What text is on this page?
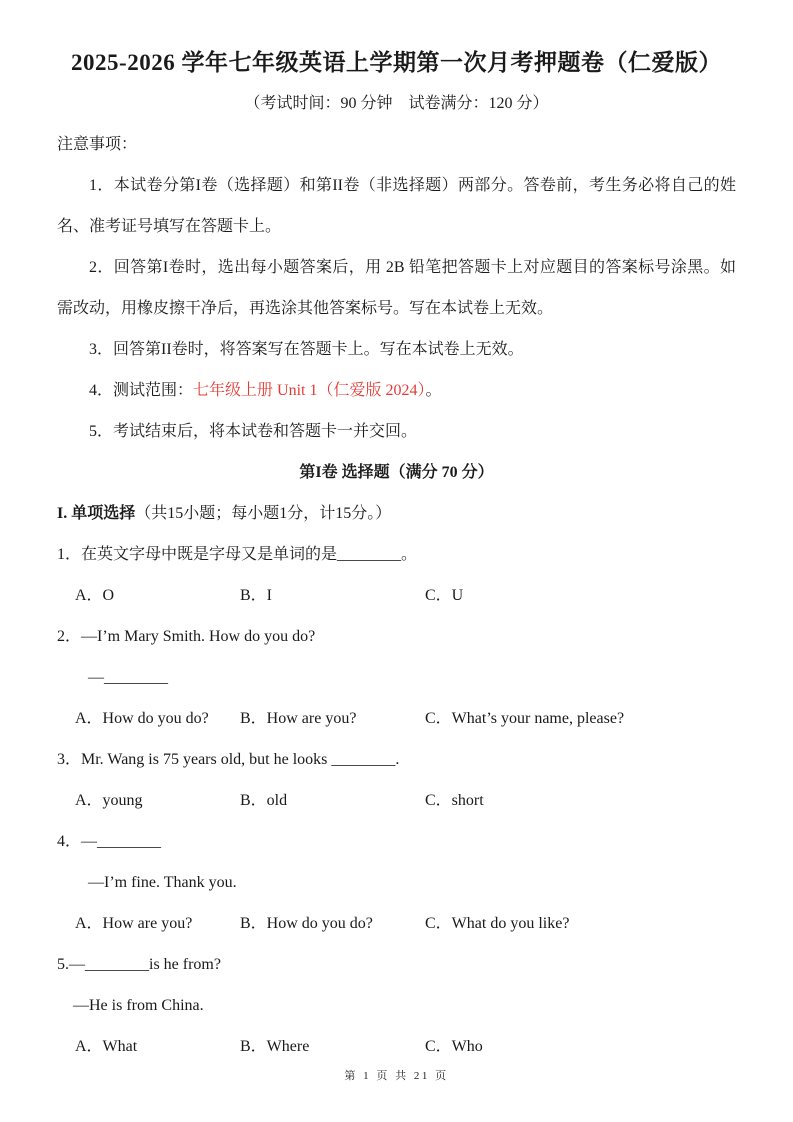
2025-2026 学年七年级英语上学期第一次月考押题卷（仁爱版）

（考试时间：90 分钟　试卷满分：120 分）

注意事项：

1．本试卷分第I卷（选择题）和第II卷（非选择题）两部分。答卷前，考生务必将自己的姓名、准考证号填写在答题卡上。

2．回答第I卷时，选出每小题答案后，用 2B 铅笔把答题卡上对应题目的答案标号涂黑。如需改动，用橡皮擦干净后，再选涂其他答案标号。写在本试卷上无效。

3．回答第II卷时，将答案写在答题卡上。写在本试卷上无效。

4．测试范围：七年级上册 Unit 1（仁爱版 2024）。

5．考试结束后，将本试卷和答题卡一并交回。

第I卷 选择题（满分 70 分）

I. 单项选择（共15小题；每小题1分，计15分。）

1．在英文字母中既是字母又是单词的是________。

A．O	B．I	C．U

2．—I’m Mary Smith. How do you do?

—________

A．How do you do?	B．How are you?	C．What’s your name, please?

3．Mr. Wang is 75 years old, but he looks ________.

A．young	B．old	C．short

4．—________

—I’m fine. Thank you.

A．How are you?	B．How do you do?	C．What do you like?

5.—________is he from?

—He is from China.

A．What	B．Where	C．Who

第 1 页 共 21 页
